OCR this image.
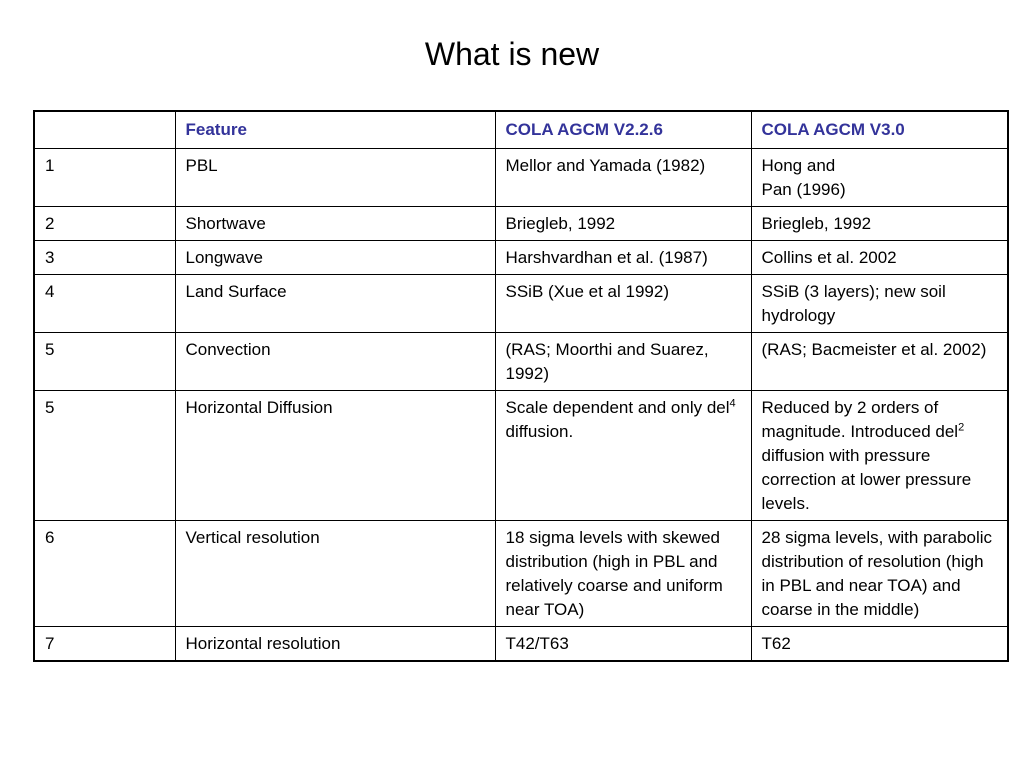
What is new
	Feature	COLA AGCM V2.2.6	COLA AGCM V3.0
1	PBL	Mellor and Yamada (1982)	Hong and
Pan (1996)
2	Shortwave	Briegleb, 1992	Briegleb, 1992
3	Longwave	Harshvardhan et al. (1987)	Collins et al. 2002
4	Land Surface	SSiB (Xue et al 1992)	SSiB (3 layers); new soil hydrology
5	Convection	(RAS; Moorthi and Suarez, 1992)	(RAS; Bacmeister et al. 2002)
5	Horizontal Diffusion	Scale dependent and only del$^4$ diffusion.	Reduced by 2 orders of magnitude. Introduced del$^2$ diffusion with pressure correction at lower pressure levels.
6	Vertical resolution	18 sigma levels with skewed distribution (high in PBL and relatively coarse and uniform near TOA)	28 sigma levels, with parabolic distribution of resolution (high in PBL and near TOA) and coarse in the middle)
7	Horizontal resolution	T42/T63	T62
